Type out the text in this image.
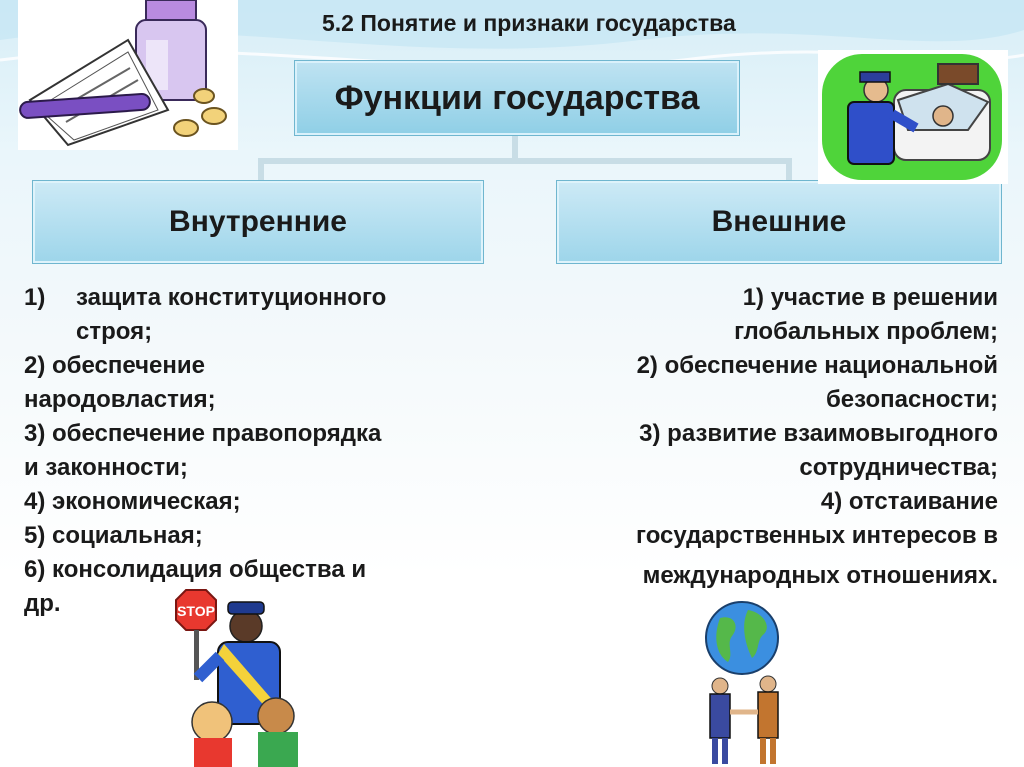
5.2 Понятие и признаки государства
Функции государства
Внутренние	Внешние
1) защита конституционного
строя;
2) обеспечение
народовластия;
3) обеспечение правопорядка
и законности;
4) экономическая;
5) социальная;
6) консолидация общества и
др.
1) участие в решении
глобальных проблем;
2) обеспечение национальной
безопасности;
3) развитие взаимовыгодного
сотрудничества;
4) отстаивание
государственных интересов в
международных отношениях.
STOP
